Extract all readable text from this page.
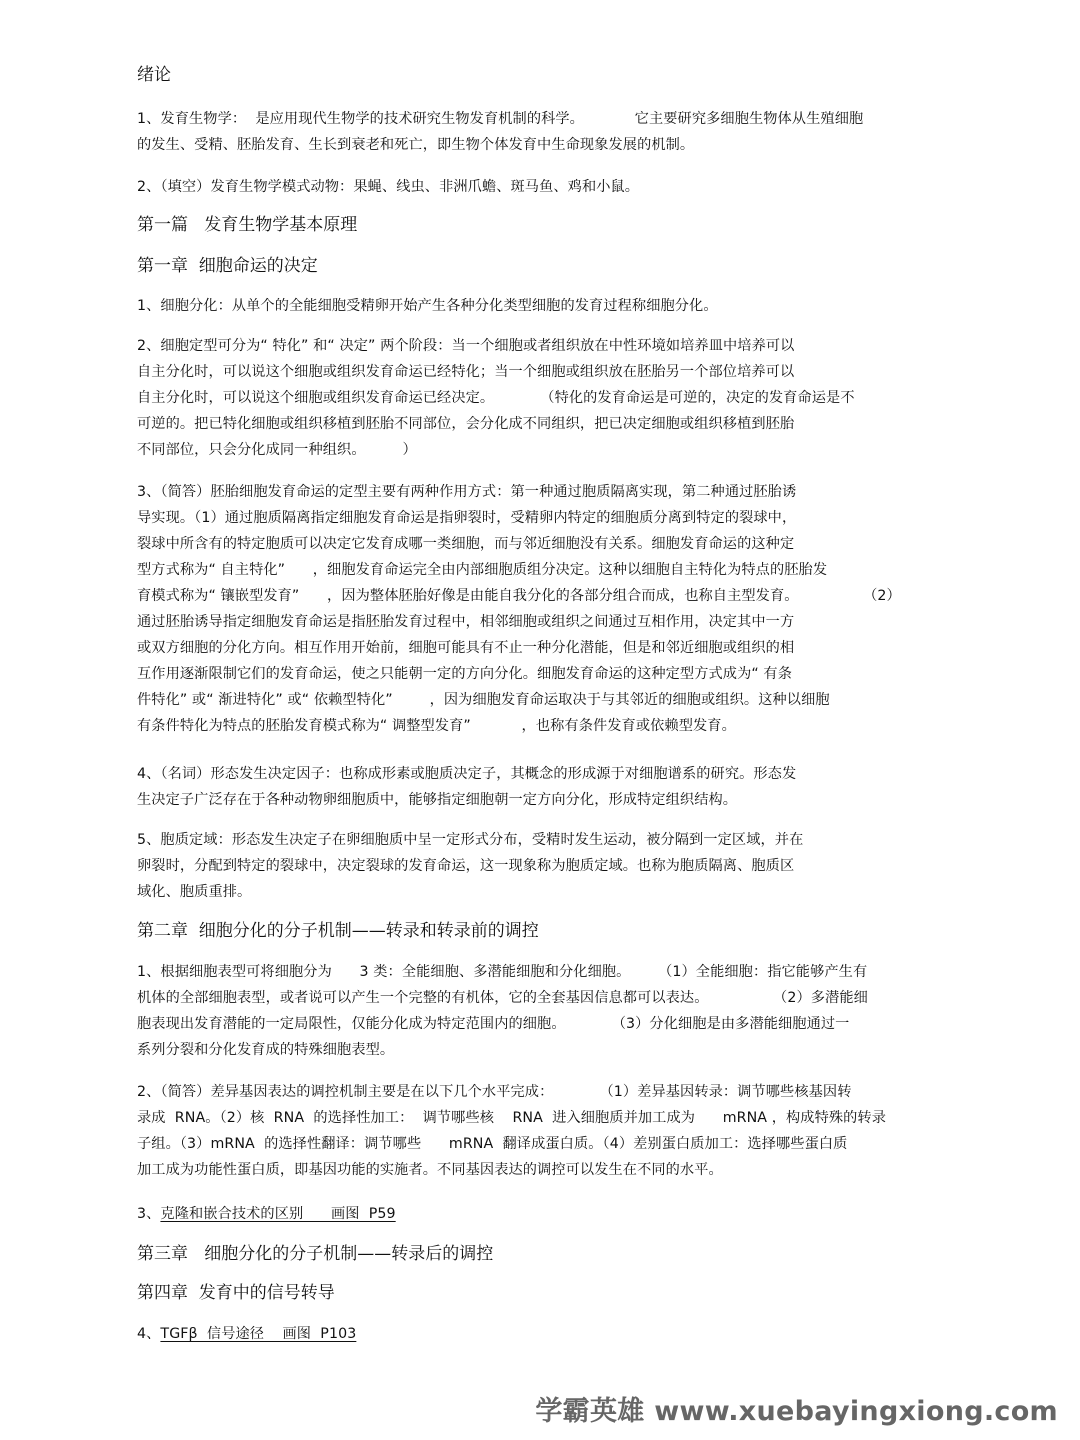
绪论
1、发育生物学：  是应用现代生物学的技术研究生物发育机制的科学。           它主要研究多细胞生物体从生殖细胞
的发生、受精、胚胎发育、生长到衰老和死亡，即生物个体发育中生命现象发展的机制。
2、（填空）发育生物学模式动物：果蝇、线虫、非洲爪蟾、斑马鱼、鸡和小鼠。
第一篇   发育生物学基本原理
第一章  细胞命运的决定
1、细胞分化：从单个的全能细胞受精卵开始产生各种分化类型细胞的发育过程称细胞分化。
2、细胞定型可分为“ 特化” 和“ 决定” 两个阶段：当一个细胞或者组织放在中性环境如培养皿中培养可以
自主分化时，可以说这个细胞或组织发育命运已经特化；当一个细胞或组织放在胚胎另一个部位培养可以
自主分化时，可以说这个细胞或组织发育命运已经决定。          （特化的发育命运是可逆的，决定的发育命运是不
可逆的。把已特化细胞或组织移植到胚胎不同部位，会分化成不同组织，把已决定细胞或组织移植到胚胎
不同部位，只会分化成同一种组织。        ）
3、（简答）胚胎细胞发育命运的定型主要有两种作用方式：第一种通过胞质隔离实现，第二种通过胚胎诱
导实现。（1）通过胞质隔离指定细胞发育命运是指卵裂时，受精卵内特定的细胞质分离到特定的裂球中，
裂球中所含有的特定胞质可以决定它发育成哪一类细胞，而与邻近细胞没有关系。细胞发育命运的这种定
型方式称为“ 自主特化”      ，细胞发育命运完全由内部细胞质组分决定。这种以细胞自主特化为特点的胚胎发
育模式称为“ 镶嵌型发育”      ，因为整体胚胎好像是由能自我分化的各部分组合而成，也称自主型发育。              （2）
通过胚胎诱导指定细胞发育命运是指胚胎发育过程中，相邻细胞或组织之间通过互相作用，决定其中一方
或双方细胞的分化方向。相互作用开始前，细胞可能具有不止一种分化潜能，但是和邻近细胞或组织的相
互作用逐渐限制它们的发育命运，使之只能朝一定的方向分化。细胞发育命运的这种定型方式成为“ 有条
件特化” 或“ 渐进特化” 或“ 依赖型特化”        ，因为细胞发育命运取决于与其邻近的细胞或组织。这种以细胞
有条件特化为特点的胚胎发育模式称为“ 调整型发育”           ，也称有条件发育或依赖型发育。
4、（名词）形态发生决定因子：也称成形素或胞质决定子，其概念的形成源于对细胞谱系的研究。形态发
生决定子广泛存在于各种动物卵细胞质中，能够指定细胞朝一定方向分化，形成特定组织结构。
5、胞质定域：形态发生决定子在卵细胞质中呈一定形式分布，受精时发生运动，被分隔到一定区域，并在
卵裂时，分配到特定的裂球中，决定裂球的发育命运，这一现象称为胞质定域。也称为胞质隔离、胞质区
域化、胞质重排。
第二章  细胞分化的分子机制——转录和转录前的调控
1、根据细胞表型可将细胞分为      3 类：全能细胞、多潜能细胞和分化细胞。      （1）全能细胞：指它能够产生有
机体的全部细胞表型，或者说可以产生一个完整的有机体，它的全套基因信息都可以表达。              （2）多潜能细
胞表现出发育潜能的一定局限性，仅能分化成为特定范围内的细胞。          （3）分化细胞是由多潜能细胞通过一
系列分裂和分化发育成的特殊细胞表型。
2、（简答）差异基因表达的调控机制主要是在以下几个水平完成：          （1）差异基因转录：调节哪些核基因转
录成  RNA。（2）核  RNA  的选择性加工：  调节哪些核    RNA  进入细胞质并加工成为      mRNA ，构成特殊的转录
子组。（3）mRNA  的选择性翻译：调节哪些      mRNA  翻译成蛋白质。（4）差别蛋白质加工：选择哪些蛋白质
加工成为功能性蛋白质，即基因功能的实施者。不同基因表达的调控可以发生在不同的水平。
3、克隆和嵌合技术的区别      画图  P59
第三章   细胞分化的分子机制——转录后的调控
第四章  发育中的信号转导
4、TGFβ  信号途径    画图  P103
学霸英雄 www.xuebayingxiong.com
